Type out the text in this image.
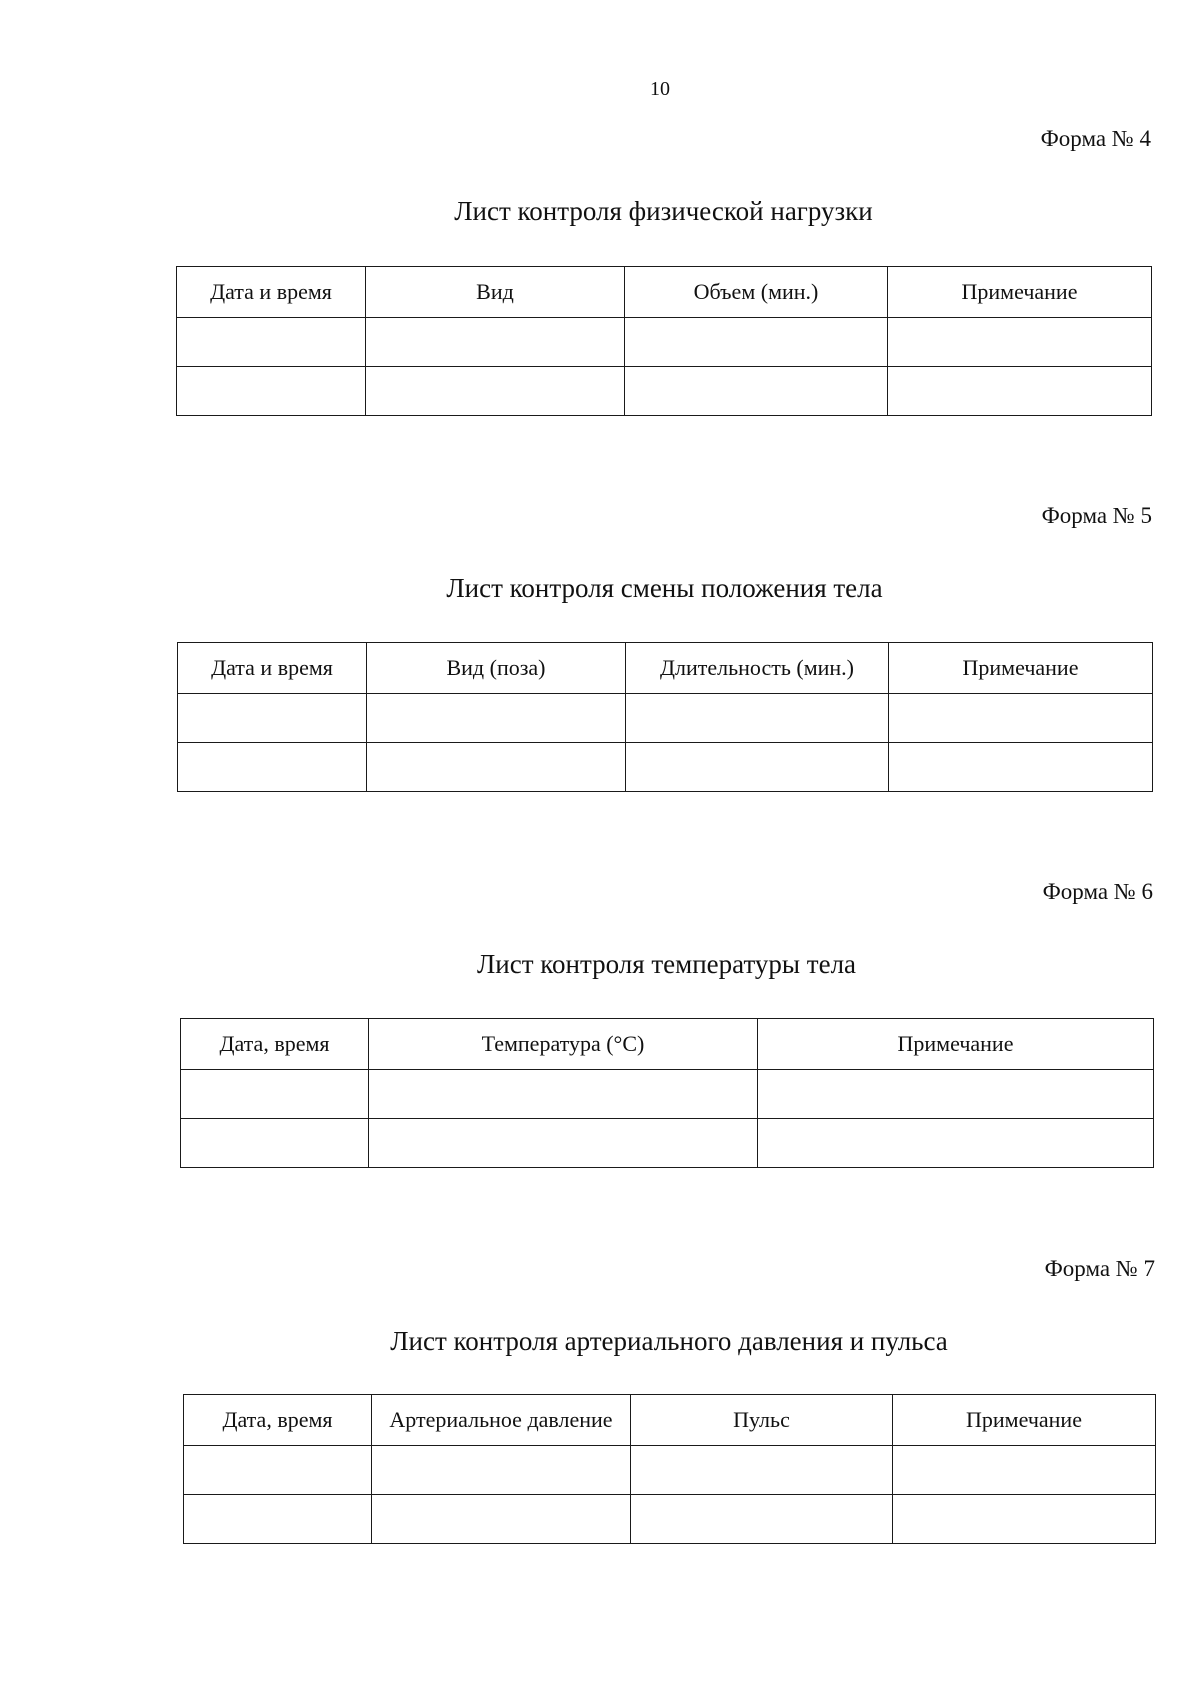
10
Форма № 4
Лист контроля физической нагрузки
Дата и время	Вид	Объем (мин.)	Примечание

Форма № 5
Лист контроля смены положения тела
Дата и время	Вид (поза)	Длительность (мин.)	Примечание

Форма № 6
Лист контроля температуры тела
Дата, время	Температура (°С)	Примечание

Форма № 7
Лист контроля артериального давления и пульса
Дата, время	Артериальное давление	Пульс	Примечание
